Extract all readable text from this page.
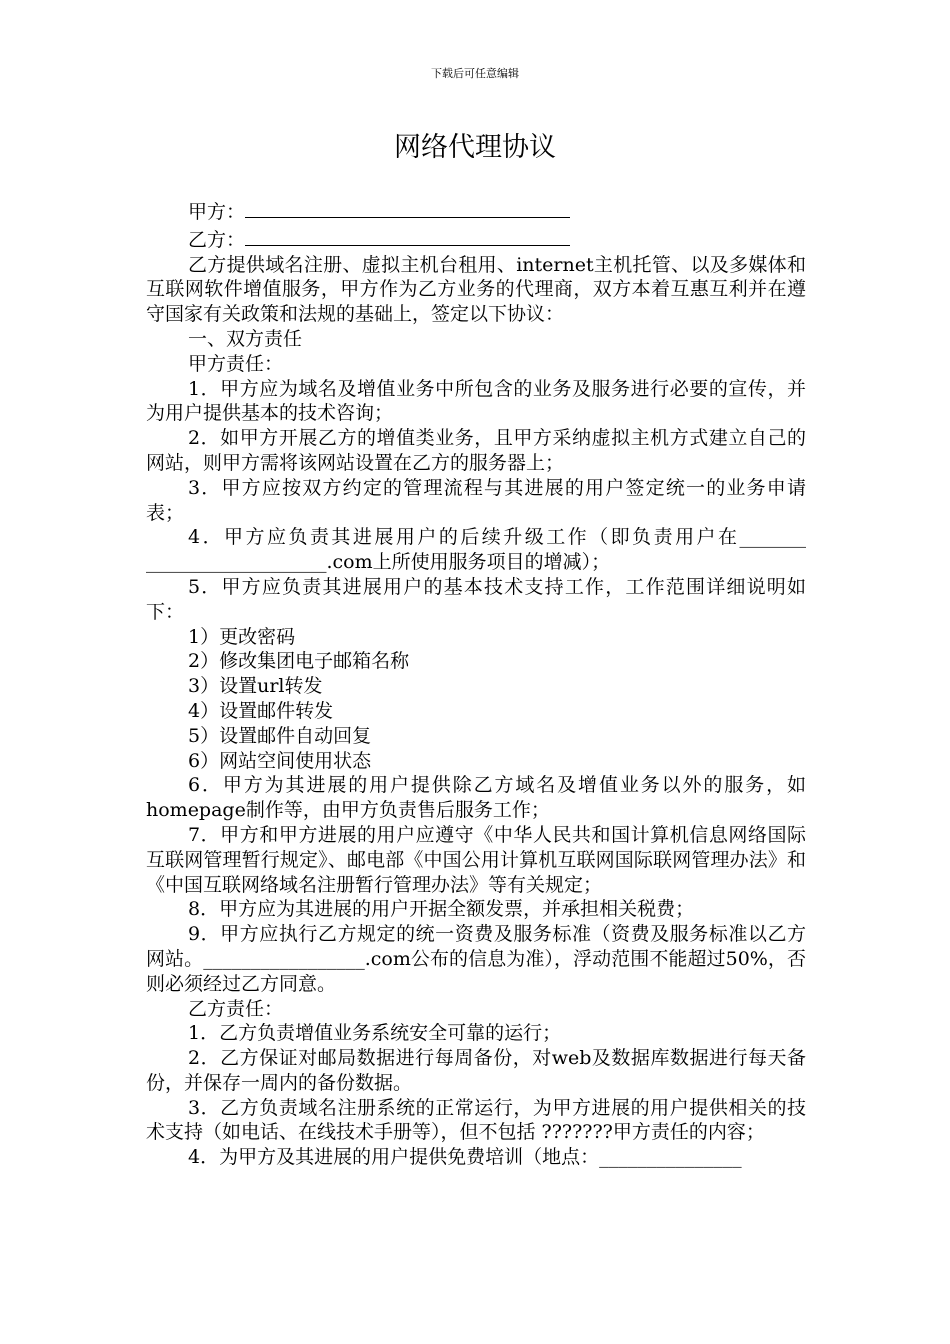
下载后可任意编辑
网络代理协议

甲方：

乙方：

乙方提供域名注册、虚拟主机台租用、internet主机托管、以及多媒体和互联网软件增值服务，甲方作为乙方业务的代理商，双方本着互惠互利并在遵守国家有关政策和法规的基础上，签定以下协议：

一、双方责任

甲方责任：

1．甲方应为域名及增值业务中所包含的业务及服务进行必要的宣传，并为用户提供基本的技术咨询；

2．如甲方开展乙方的增值类业务，且甲方采纳虚拟主机方式建立自己的网站，则甲方需将该网站设置在乙方的服务器上；

3．甲方应按双方约定的管理流程与其进展的用户签定统一的业务申请表；

4．甲方应负责其进展用户的后续升级工作（即负责用户在_______ ___________________.com上所使用服务项目的增减）；

5．甲方应负责其进展用户的基本技术支持工作，工作范围详细说明如下：

1）更改密码

2）修改集团电子邮箱名称

3）设置url转发

4）设置邮件转发

5）设置邮件自动回复

6）网站空间使用状态

6．甲方为其进展的用户提供除乙方域名及增值业务以外的服务，如homepage制作等，由甲方负责售后服务工作；

7．甲方和甲方进展的用户应遵守《中华人民共和国计算机信息网络国际互联网管理暂行规定》、邮电部《中国公用计算机互联网国际联网管理办法》和《中国互联网络域名注册暂行管理办法》等有关规定；

8．甲方应为其进展的用户开据全额发票，并承担相关税费；

9．甲方应执行乙方规定的统一资费及服务标准（资费及服务标准以乙方网站。_________________.com公布的信息为准），浮动范围不能超过50%，否则必须经过乙方同意。

乙方责任：

1．乙方负责增值业务系统安全可靠的运行；

2．乙方保证对邮局数据进行每周备份，对web及数据库数据进行每天备份，并保存一周内的备份数据。

3．乙方负责域名注册系统的正常运行，为甲方进展的用户提供相关的技术支持（如电话、在线技术手册等），但不包括 ???????甲方责任的内容；

4．为甲方及其进展的用户提供免费培训（地点：_______________
